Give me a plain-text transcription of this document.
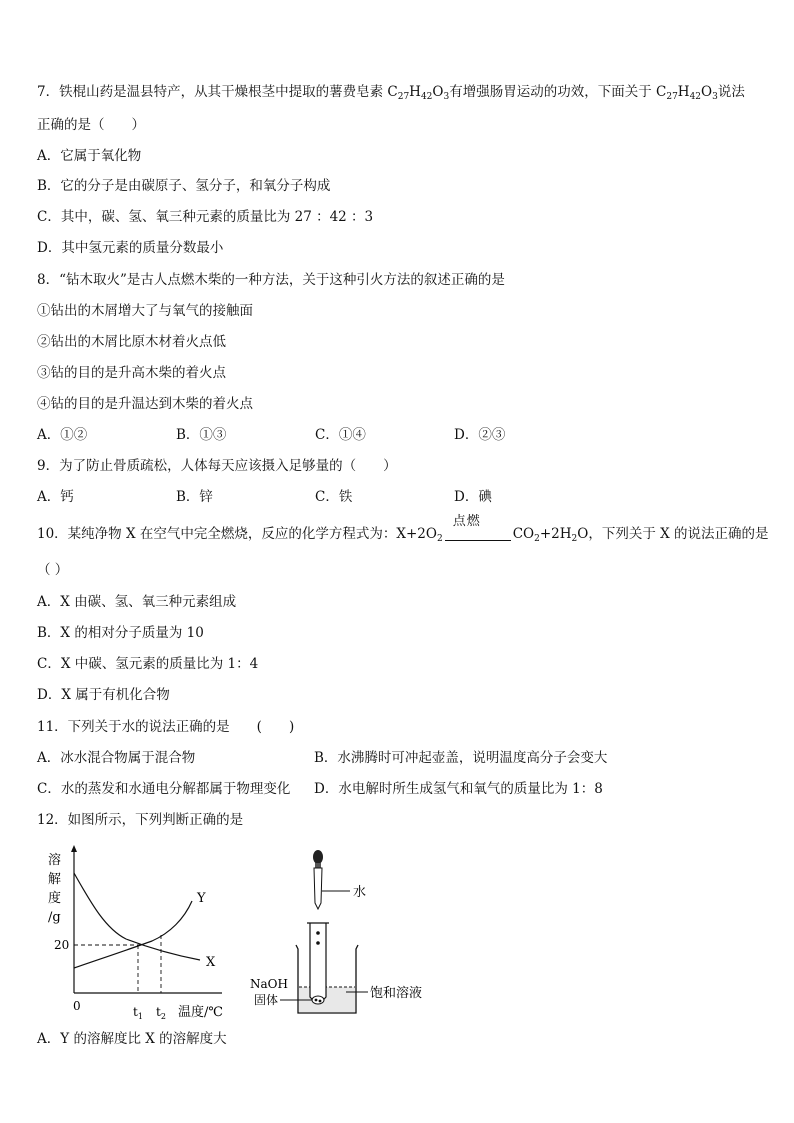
7．铁棍山药是温县特产，从其干燥根茎中提取的薯费皂素 $C_{27}H_{42}O_3$有增强肠胃运动的功效，下面关于 $C_{27}H_{42}O_3$说法
正确的是（　　）
A．它属于氧化物
B．它的分子是由碳原子、氢分子，和氧分子构成
C．其中，碳、氢、氧三种元素的质量比为 27 ：42 ：3
D．其中氢元素的质量分数最小
8．“钻木取火”是古人点燃木柴的一种方法，关于这种引火方法的叙述正确的是
①钻出的木屑增大了与氧气的接触面
②钻出的木屑比原木材着火点低
③钻的目的是升高木柴的着火点
④钻的目的是升温达到木柴的着火点
A．①②	B．①③	C．①④	D．②③
9．为了防止骨质疏松，人体每天应该摄入足够量的（　　）
A．钙	B．锌	C．铁	D．碘
10．某纯净物 X 在空气中完全燃烧，反应的化学方程式为：$X+2O_2$
点燃
$CO_2+2H_2O$，下列关于 X 的说法正确的是
（ ）
A．X 由碳、氢、氧三种元素组成
B．X 的相对分子质量为 10
C．X 中碳、氢元素的质量比为 1：4
D．X 属于有机化合物
11．下列关于水的说法正确的是　　(　　)
A．冰水混合物属于混合物	B．水沸腾时可冲起壶盖，说明温度高分子会变大
C．水的蒸发和水通电分解都属于物理变化 D．水电解时所生成氢气和氧气的质量比为 1：8
12．如图所示，下列判断正确的是
溶
解
度
/g
20
0
Y
X
$t_1$ $t_2$ 温度/℃
水
NaOH
固体	饱和溶液
A．Y 的溶解度比 X 的溶解度大
